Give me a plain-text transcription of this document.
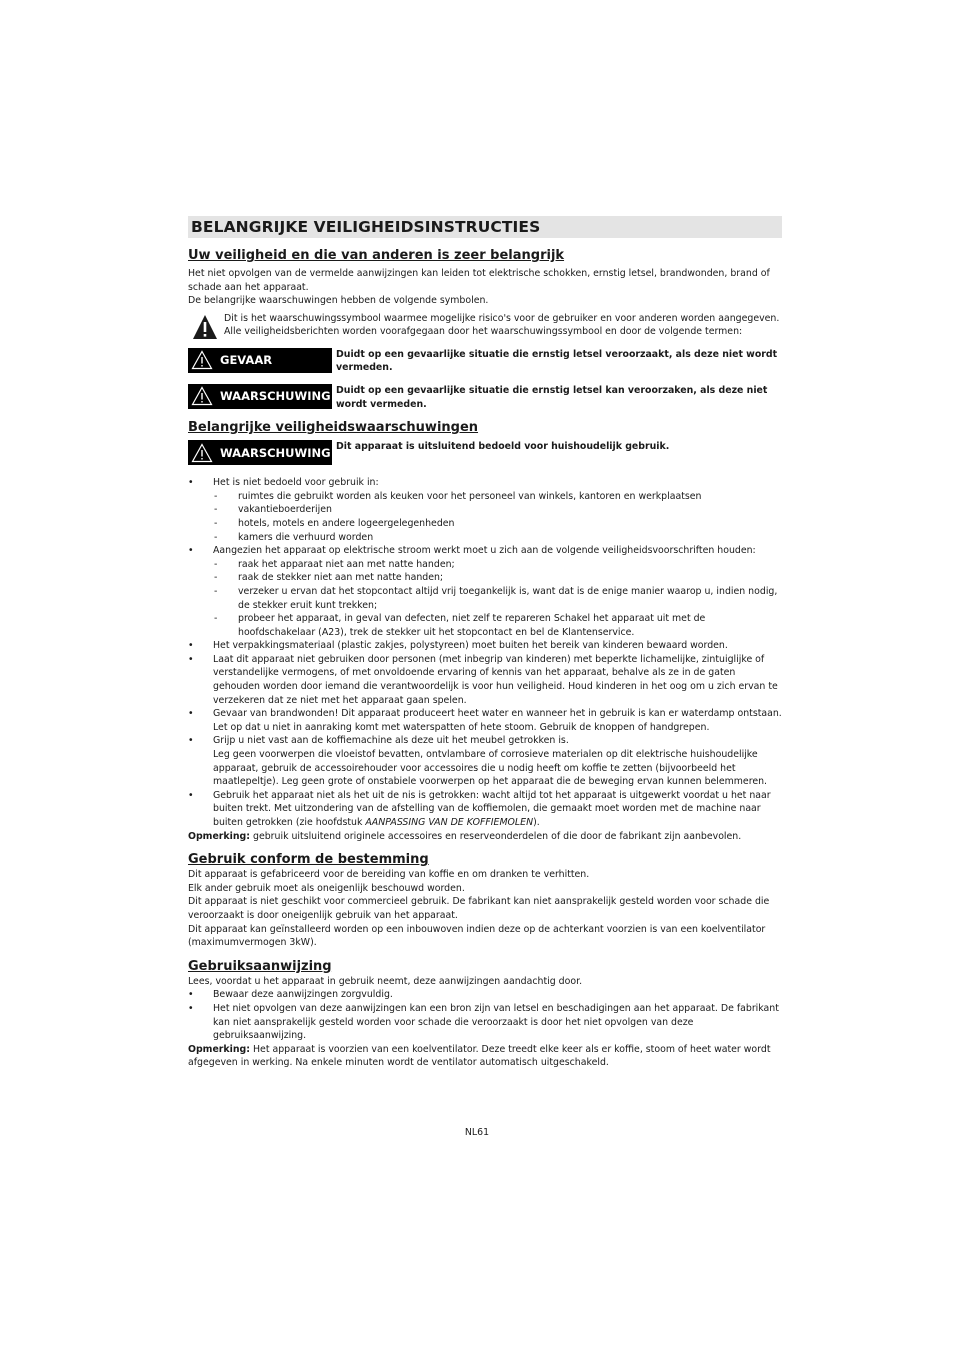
BELANGRIJKE VEILIGHEIDSINSTRUCTIES
Uw veiligheid en die van anderen is zeer belangrijk

Het niet opvolgen van de vermelde aanwijzingen kan leiden tot elektrische schokken, ernstig letsel, brandwonden, brand of schade aan het apparaat.

De belangrijke waarschuwingen hebben de volgende symbolen.

Dit is het waarschuwingssymbool waarmee mogelijke risico's voor de gebruiker en voor anderen worden aangegeven. Alle veiligheidsberichten worden voorafgegaan door het waarschuwingssymbool en door de volgende termen:

GEVAAR	Duidt op een gevaarlijke situatie die ernstig letsel veroorzaakt, als deze niet wordt vermeden.
WAARSCHUWING Duidt op een gevaarlijke situatie die ernstig letsel kan veroorzaken, als deze niet wordt vermeden.
Belangrijke veiligheidswaarschuwingen
WAARSCHUWING Dit apparaat is uitsluitend bedoeld voor huishoudelijk gebruik.
• Het is niet bedoeld voor gebruik in:
- ruimtes die gebruikt worden als keuken voor het personeel van winkels, kantoren en werkplaatsen
- vakantieboerderijen
- hotels, motels en andere logeergelegenheden
- kamers die verhuurd worden
• Aangezien het apparaat op elektrische stroom werkt moet u zich aan de volgende veiligheidsvoorschriften houden:
- raak het apparaat niet aan met natte handen;
- raak de stekker niet aan met natte handen;
- verzeker u ervan dat het stopcontact altijd vrij toegankelijk is, want dat is de enige manier waarop u, indien nodig, de stekker eruit kunt trekken;
- probeer het apparaat, in geval van defecten, niet zelf te repareren Schakel het apparaat uit met de hoofdschakelaar (A23), trek de stekker uit het stopcontact en bel de Klantenservice.
• Het verpakkingsmateriaal (plastic zakjes, polystyreen) moet buiten het bereik van kinderen bewaard worden.
• Laat dit apparaat niet gebruiken door personen (met inbegrip van kinderen) met beperkte lichamelijke, zintuiglijke of verstandelijke vermogens, of met onvoldoende ervaring of kennis van het apparaat, behalve als ze in de gaten gehouden worden door iemand die verantwoordelijk is voor hun veiligheid. Houd kinderen in het oog om u zich ervan te verzekeren dat ze niet met het apparaat gaan spelen.
• Gevaar van brandwonden! Dit apparaat produceert heet water en wanneer het in gebruik is kan er waterdamp ontstaan. Let op dat u niet in aanraking komt met waterspatten of hete stoom. Gebruik de knoppen of handgrepen.
• Grijp u niet vast aan de koffiemachine als deze uit het meubel getrokken is.
Leg geen voorwerpen die vloeistof bevatten, ontvlambare of corrosieve materialen op dit elektrische huishoudelijke apparaat, gebruik de accessoirehouder voor accessoires die u nodig heeft om koffie te zetten (bijvoorbeeld het maatlepeltje). Leg geen grote of onstabiele voorwerpen op het apparaat die de beweging ervan kunnen belemmeren.
• Gebruik het apparaat niet als het uit de nis is getrokken: wacht altijd tot het apparaat is uitgewerkt voordat u het naar buiten trekt. Met uitzondering van de afstelling van de koffiemolen, die gemaakt moet worden met de machine naar buiten getrokken (zie hoofdstuk AANPASSING VAN DE KOFFIEMOLEN).

Opmerking: gebruik uitsluitend originele accessoires en reserveonderdelen of die door de fabrikant zijn aanbevolen.

Gebruik conform de bestemming

Dit apparaat is gefabriceerd voor de bereiding van koffie en om dranken te verhitten.

Elk ander gebruik moet als oneigenlijk beschouwd worden.

Dit apparaat is niet geschikt voor commercieel gebruik. De fabrikant kan niet aansprakelijk gesteld worden voor schade die veroorzaakt is door oneigenlijk gebruik van het apparaat.

Dit apparaat kan geïnstalleerd worden op een inbouwoven indien deze op de achterkant voorzien is van een koelventilator (maximumvermogen 3kW).

Gebruiksaanwijzing

Lees, voordat u het apparaat in gebruik neemt, deze aanwijzingen aandachtig door.

• Bewaar deze aanwijzingen zorgvuldig.
• Het niet opvolgen van deze aanwijzingen kan een bron zijn van letsel en beschadigingen aan het apparaat. De fabrikant kan niet aansprakelijk gesteld worden voor schade die veroorzaakt is door het niet opvolgen van deze gebruiksaanwijzing.

Opmerking: Het apparaat is voorzien van een koelventilator. Deze treedt elke keer als er koffie, stoom of heet water wordt afgegeven in werking. Na enkele minuten wordt de ventilator automatisch uitgeschakeld.

NL61
